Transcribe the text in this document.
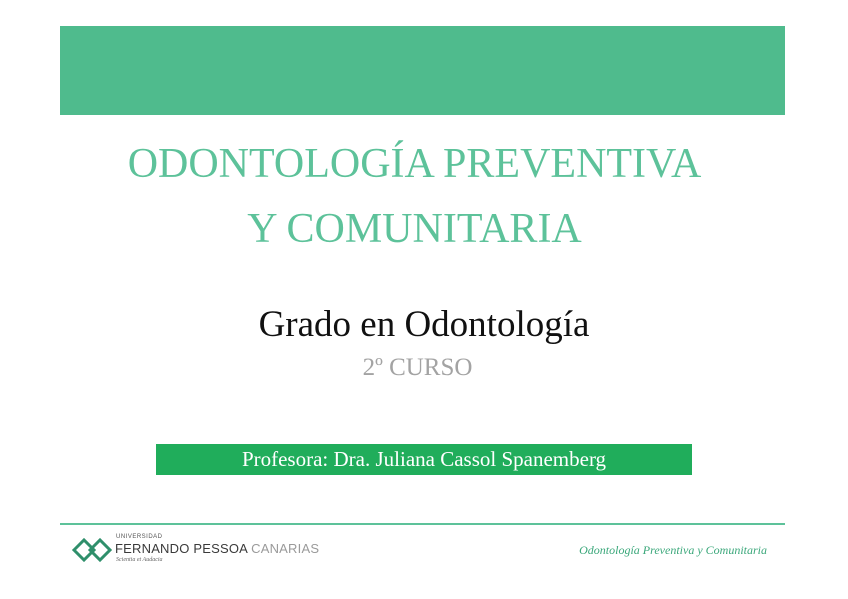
ODONTOLOGÍA PREVENTIVA
Y COMUNITARIA
Grado en Odontología
2º CURSO
Profesora: Dra. Juliana Cassol Spanemberg
UNIVERSIDAD
FERNANDO PESSOA CANARIAS
Scientia et Audacia
Odontología Preventiva y Comunitaria
